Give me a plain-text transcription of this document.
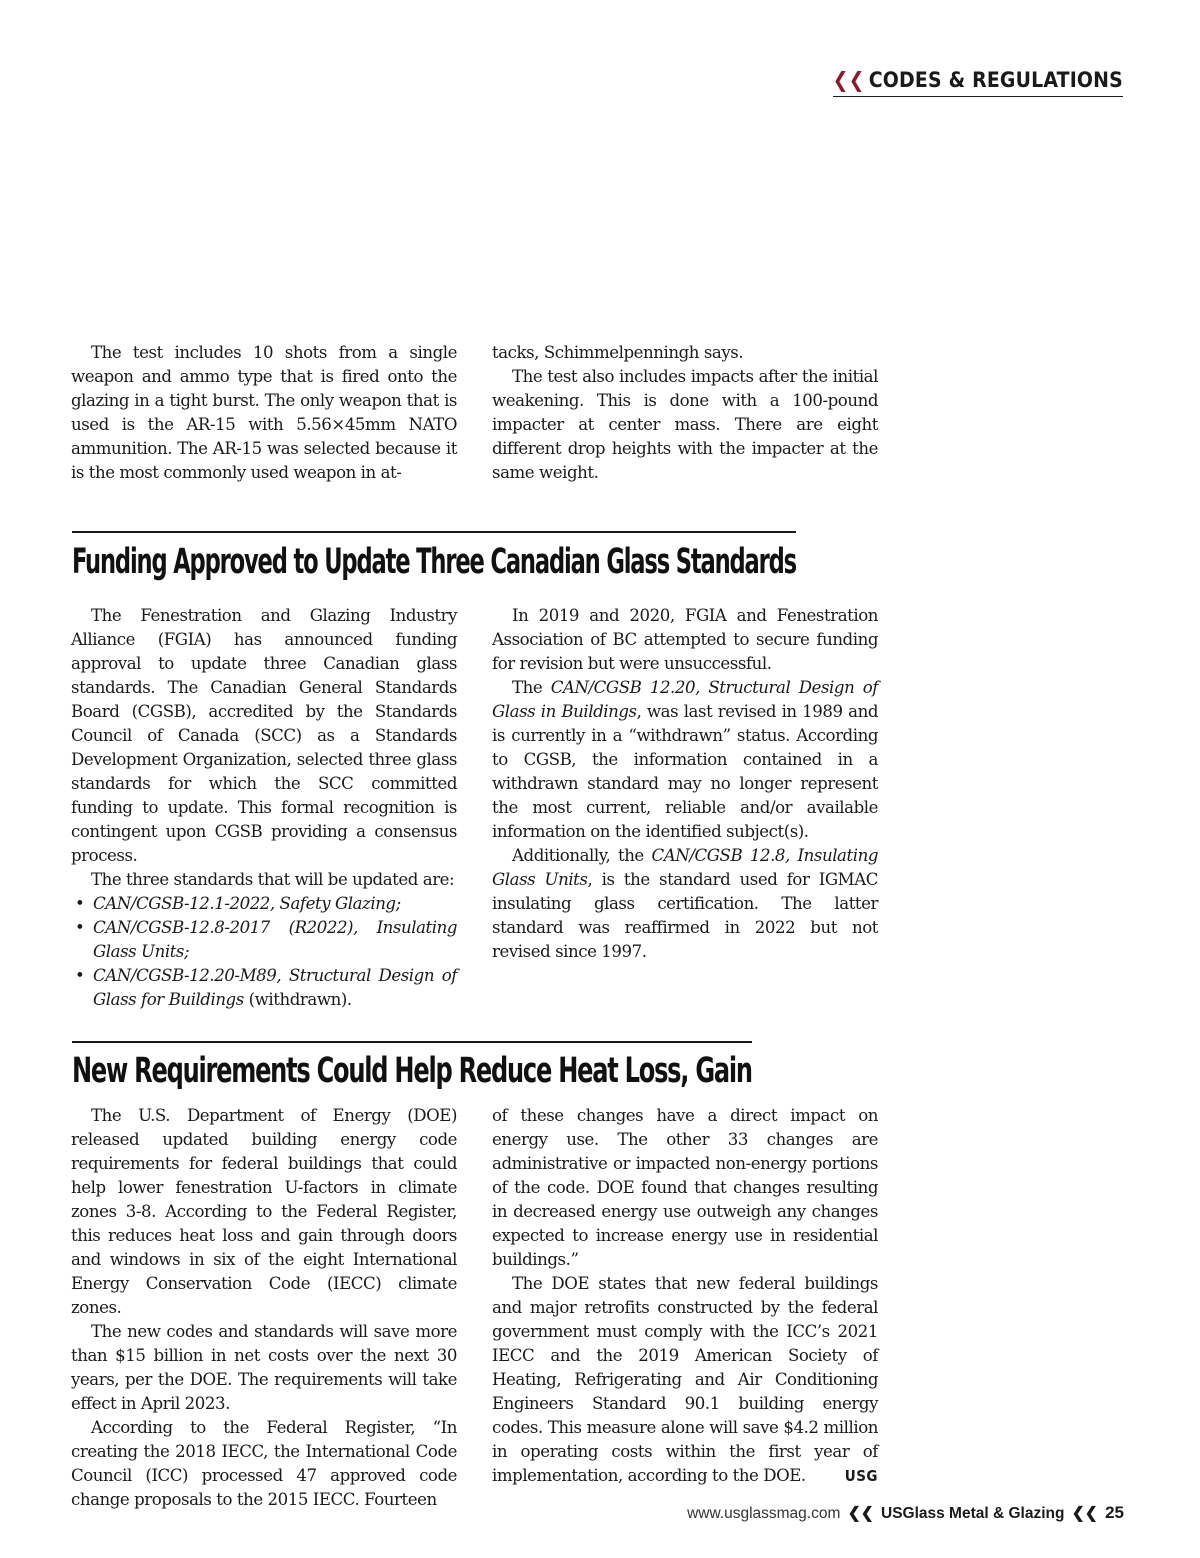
❮❮ CODES & REGULATIONS

The test includes 10 shots from a single weapon and ammo type that is fired onto the glazing in a tight burst. The only weapon that is used is the AR-15 with 5.56×45mm NATO ammunition. The AR-15 was selected because it is the most commonly used weapon in at-

tacks, Schimmelpenningh says.

The test also includes impacts after the initial weakening. This is done with a 100-pound impacter at center mass. There are eight different drop heights with the impacter at the same weight.

Funding Approved to Update Three Canadian Glass Standards

The Fenestration and Glazing Industry Alliance (FGIA) has announced funding approval to update three Canadian glass standards. The Canadian General Standards Board (CGSB), accredited by the Standards Council of Canada (SCC) as a Standards Development Organization, selected three glass standards for which the SCC committed funding to update. This formal recognition is contingent upon CGSB providing a consensus process.

The three standards that will be updated are:

• CAN/CGSB-12.1-2022, Safety Glazing;
• CAN/CGSB-12.8-2017 (R2022), Insulating Glass Units;
• CAN/CGSB-12.20-M89, Structural Design of Glass for Buildings (withdrawn).

In 2019 and 2020, FGIA and Fenestration Association of BC attempted to secure funding for revision but were unsuccessful.

The CAN/CGSB 12.20, Structural Design of Glass in Buildings, was last revised in 1989 and is currently in a “withdrawn” status. According to CGSB, the information contained in a withdrawn standard may no longer represent the most current, reliable and/or available information on the identified subject(s).

Additionally, the CAN/CGSB 12.8, Insulating Glass Units, is the standard used for IGMAC insulating glass certification. The latter standard was reaffirmed in 2022 but not revised since 1997.

New Requirements Could Help Reduce Heat Loss, Gain

The U.S. Department of Energy (DOE) released updated building energy code requirements for federal buildings that could help lower fenestration U-factors in climate zones 3-8. According to the Federal Register, this reduces heat loss and gain through doors and windows in six of the eight International Energy Conservation Code (IECC) climate zones.

The new codes and standards will save more than $15 billion in net costs over the next 30 years, per the DOE. The requirements will take effect in April 2023.

According to the Federal Register, “In creating the 2018 IECC, the International Code Council (ICC) processed 47 approved code change proposals to the 2015 IECC. Fourteen

of these changes have a direct impact on energy use. The other 33 changes are administrative or impacted non-energy portions of the code. DOE found that changes resulting in decreased energy use outweigh any changes expected to increase energy use in residential buildings.”

The DOE states that new federal buildings and major retrofits constructed by the federal government must comply with the ICC’s 2021 IECC and the 2019 American Society of Heating, Refrigerating and Air Conditioning Engineers Standard 90.1 building energy codes. This measure alone will save $4.2 million in operating costs within the first year of implementation, according to the DOE.	USG

www.usglassmag.com ❮❮ USGlass Metal & Glazing ❮❮ 25
